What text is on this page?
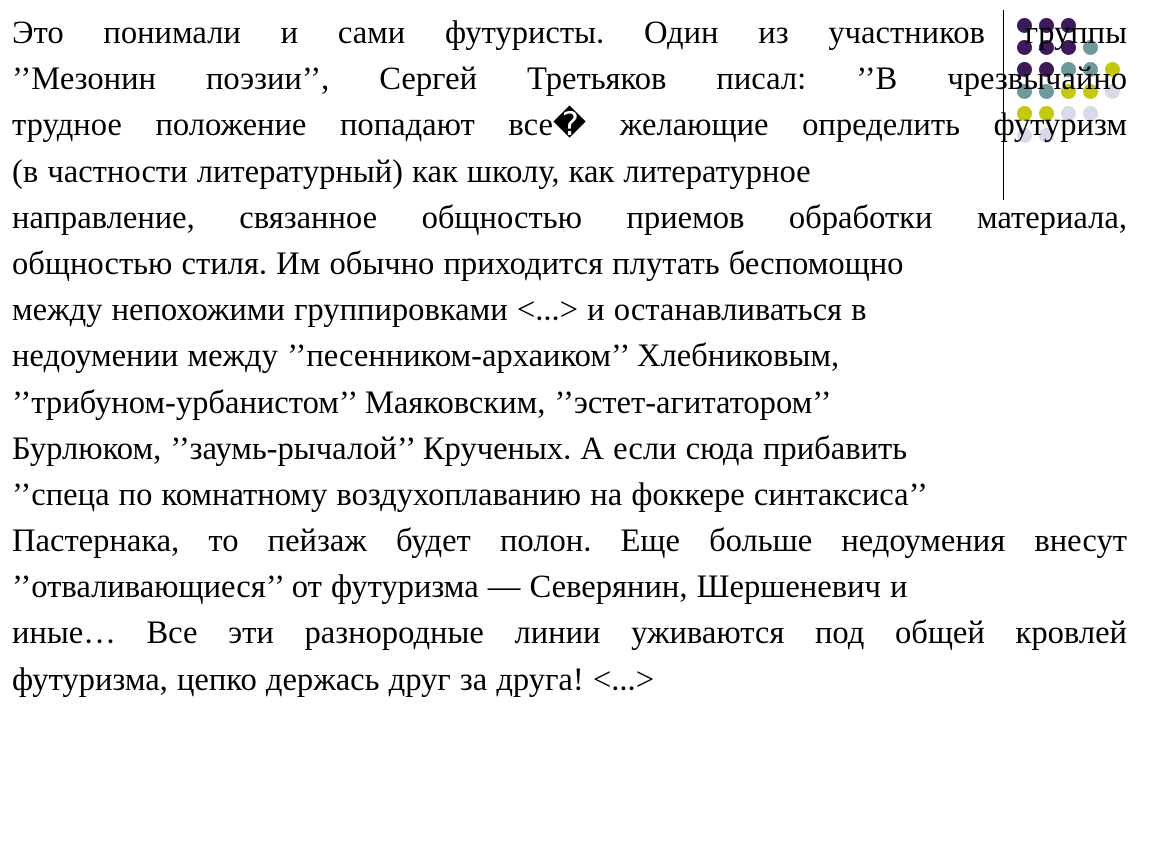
Это понимали и сами футуристы. Один из участников группы
’’Мезонин поэзии’’, Сергей Третьяков писал: ’’В чрезвычайно
трудное положение попадают все� желающие определить футуризм
(в частности литературный) как школу, как литературное
направление, связанное общностью приемов обработки материала,
общностью стиля. Им обычно приходится плутать беспомощно
между непохожими группировками <...> и останавливаться в
недоумении между ’’песенником-архаиком’’ Хлебниковым,
’’трибуном-урбанистом’’ Маяковским, ’’эстет-агитатором’’
Бурлюком, ’’заумь-рычалой’’ Крученых. А если сюда прибавить
’’спеца по комнатному воздухоплаванию на фоккере синтаксиса’’
Пастернака, то пейзаж будет полон. Еще больше недоумения внесут
’’отваливающиеся’’ от футуризма — Северянин, Шершеневич и
иные… Все эти разнородные линии уживаются под общей кровлей
футуризма, цепко держась друг за друга! <...>
